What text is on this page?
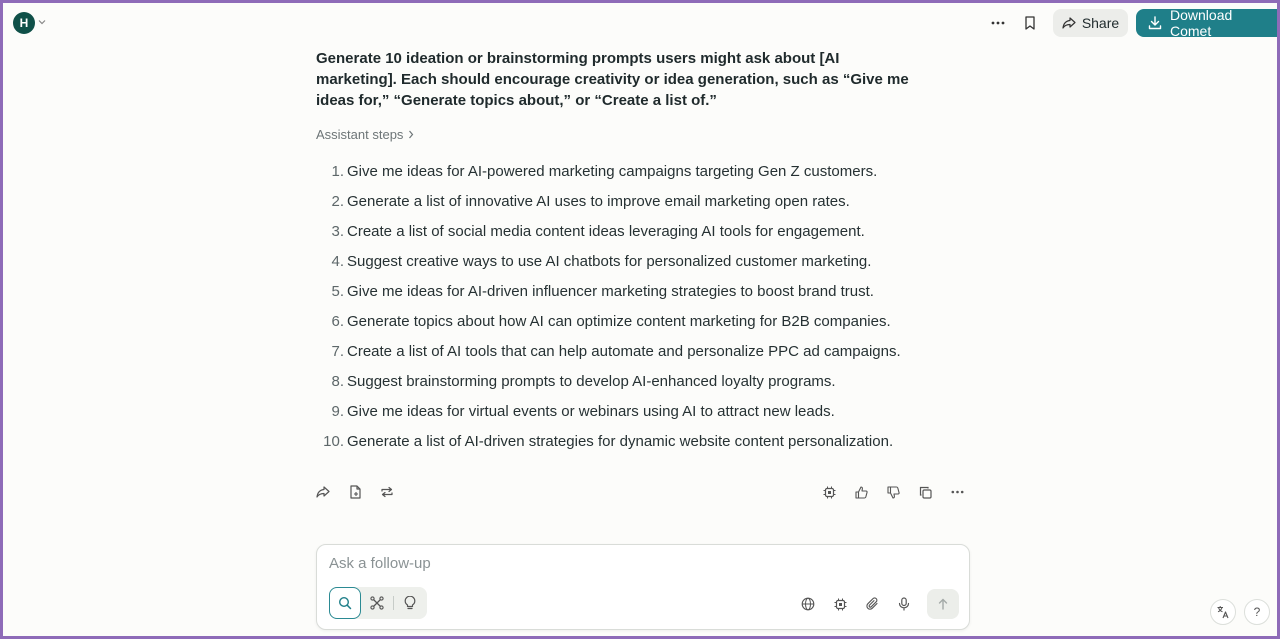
H	Share	Download Comet

Generate 10 ideation or brainstorming prompts users might ask about [AI marketing]. Each should encourage creativity or idea generation, such as “Give me ideas for,” “Generate topics about,” or “Create a list of.”

Assistant steps
1. Give me ideas for AI-powered marketing campaigns targeting Gen Z customers.
2. Generate a list of innovative AI uses to improve email marketing open rates.
3. Create a list of social media content ideas leveraging AI tools for engagement.
4. Suggest creative ways to use AI chatbots for personalized customer marketing.
5. Give me ideas for AI-driven influencer marketing strategies to boost brand trust.
6. Generate topics about how AI can optimize content marketing for B2B companies.
7. Create a list of AI tools that can help automate and personalize PPC ad campaigns.
8. Suggest brainstorming prompts to develop AI-enhanced loyalty programs.
9. Give me ideas for virtual events or webinars using AI to attract new leads.
10. Generate a list of AI-driven strategies for dynamic website content personalization.
Ask a follow-up
?
